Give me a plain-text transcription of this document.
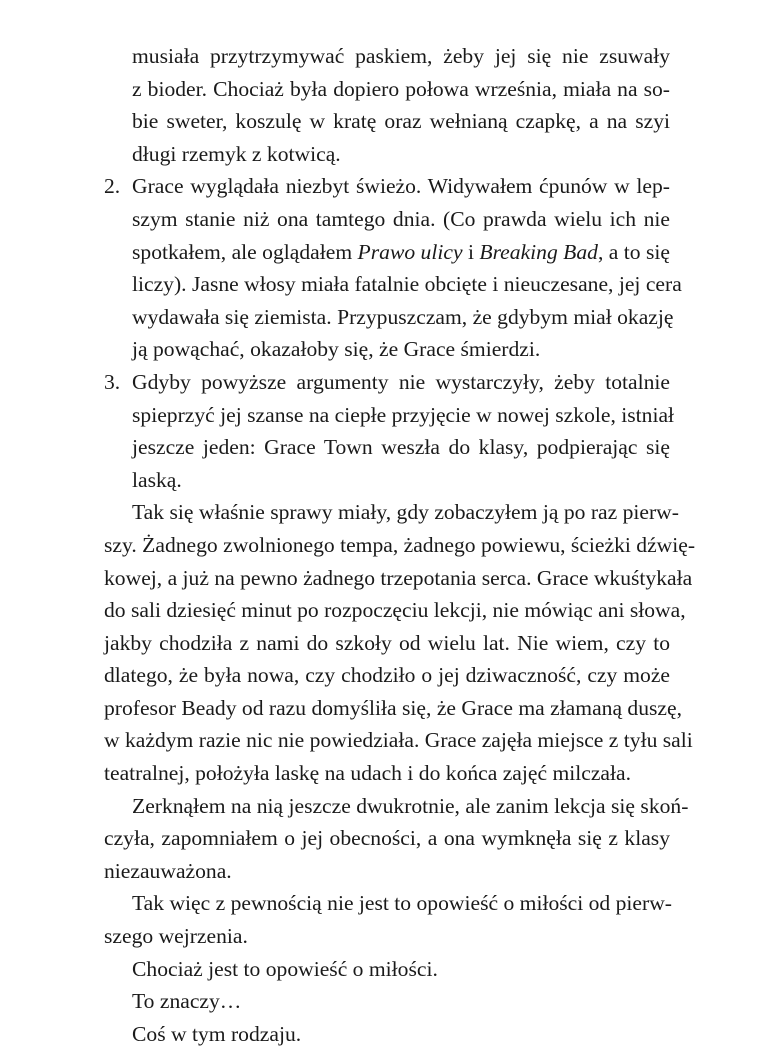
musiała przytrzymywać paskiem, żeby jej się nie zsuwały
z bioder. Chociaż była dopiero połowa września, miała na so-
bie sweter, koszulę w kratę oraz wełnianą czapkę, a na szyi
długi rzemyk z kotwicą.
2. Grace wyglądała niezbyt świeżo. Widywałem ćpunów w lep-
szym stanie niż ona tamtego dnia. (Co prawda wielu ich nie
spotkałem, ale oglądałem Prawo ulicy i Breaking Bad, a to się
liczy). Jasne włosy miała fatalnie obcięte i nieuczesane, jej cera
wydawała się ziemista. Przypuszczam, że gdybym miał okazję
ją powąchać, okazałoby się, że Grace śmierdzi.
3. Gdyby powyższe argumenty nie wystarczyły, żeby totalnie
spieprzyć jej szanse na ciepłe przyjęcie w nowej szkole, istniał
jeszcze jeden: Grace Town weszła do klasy, podpierając się
laską.
Tak się właśnie sprawy miały, gdy zobaczyłem ją po raz pierw-
szy. Żadnego zwolnionego tempa, żadnego powiewu, ścieżki dźwię-
kowej, a już na pewno żadnego trzepotania serca. Grace wkuśtykała
do sali dziesięć minut po rozpoczęciu lekcji, nie mówiąc ani słowa,
jakby chodziła z nami do szkoły od wielu lat. Nie wiem, czy to
dlatego, że była nowa, czy chodziło o jej dziwaczność, czy może
profesor Beady od razu domyśliła się, że Grace ma złamaną duszę,
w każdym razie nic nie powiedziała. Grace zajęła miejsce z tyłu sali
teatralnej, położyła laskę na udach i do końca zajęć milczała.
Zerknąłem na nią jeszcze dwukrotnie, ale zanim lekcja się skoń-
czyła, zapomniałem o jej obecności, a ona wymknęła się z klasy
niezauważona.
Tak więc z pewnością nie jest to opowieść o miłości od pierw-
szego wejrzenia.
Chociaż jest to opowieść o miłości.
To znaczy…
Coś w tym rodzaju.
